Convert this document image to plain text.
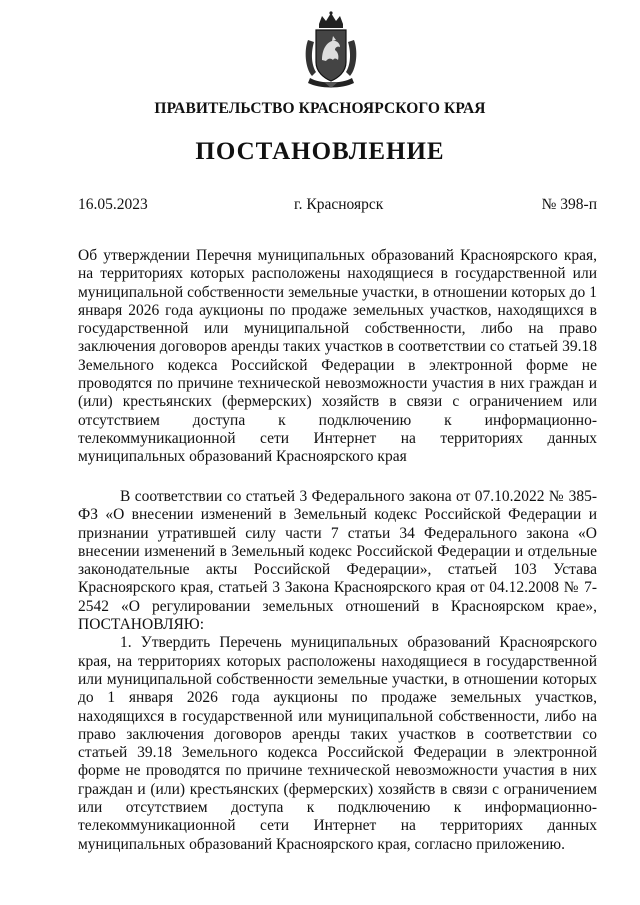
ПРАВИТЕЛЬСТВО КРАСНОЯРСКОГО КРАЯ
ПОСТАНОВЛЕНИЕ
16.05.2023	г. Красноярск	№ 398-п
Об утверждении Перечня муниципальных образований Красноярского края, на территориях которых расположены находящиеся в государственной или муниципальной собственности земельные участки, в отношении которых до 1 января 2026 года аукционы по продаже земельных участков, находящихся в государственной или муниципальной собственности, либо на право заключения договоров аренды таких участков в соответствии со статьей 39.18 Земельного кодекса Российской Федерации в электронной форме не проводятся по причине технической невозможности участия в них граждан и (или) крестьянских (фермерских) хозяйств в связи с ограничением или отсутствием доступа к подключению к информационно-телекоммуникационной сети Интернет на территориях данных муниципальных образований Красноярского края

В соответствии со статьей 3 Федерального закона от 07.10.2022 № 385-ФЗ «О внесении изменений в Земельный кодекс Российской Федерации и признании утратившей силу части 7 статьи 34 Федерального закона «О внесении изменений в Земельный кодекс Российской Федерации и отдельные законодательные акты Российской Федерации», статьей 103 Устава Красноярского края, статьей 3 Закона Красноярского края от 04.12.2008 № 7-2542 «О регулировании земельных отношений в Красноярском крае», ПОСТАНОВЛЯЮ:

1. Утвердить Перечень муниципальных образований Красноярского края, на территориях которых расположены находящиеся в государственной или муниципальной собственности земельные участки, в отношении которых до 1 января 2026 года аукционы по продаже земельных участков, находящихся в государственной или муниципальной собственности, либо на право заключения договоров аренды таких участков в соответствии со статьей 39.18 Земельного кодекса Российской Федерации в электронной форме не проводятся по причине технической невозможности участия в них граждан и (или) крестьянских (фермерских) хозяйств в связи с ограничением или отсутствием доступа к подключению к информационно-телекоммуникационной сети Интернет на территориях данных муниципальных образований Красноярского края, согласно приложению.
